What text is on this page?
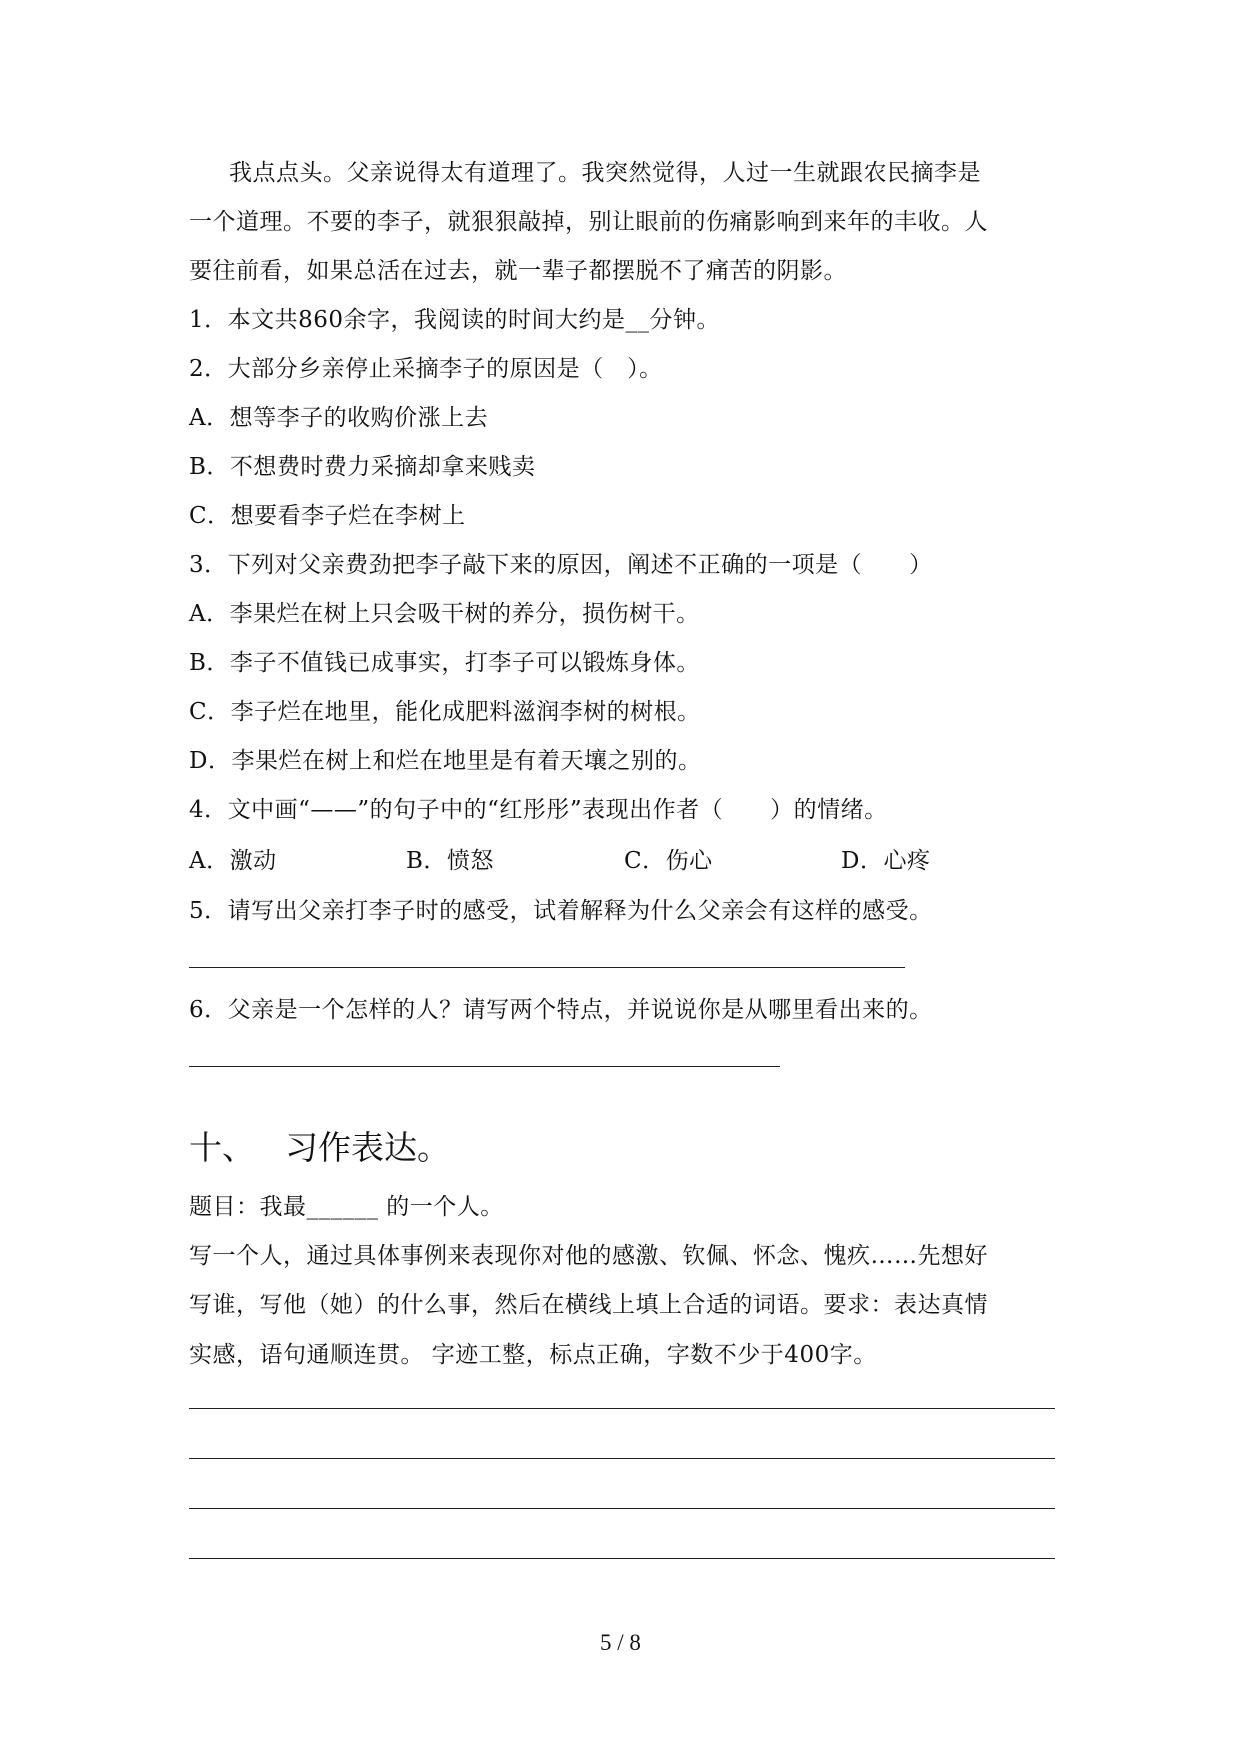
我点点头。父亲说得太有道理了。我突然觉得，人过一生就跟农民摘李是
一个道理。不要的李子，就狠狠敲掉，别让眼前的伤痛影响到来年的丰收。人
要往前看，如果总活在过去，就一辈子都摆脱不了痛苦的阴影。
1．本文共860余字，我阅读的时间大约是__分钟。
2．大部分乡亲停止采摘李子的原因是（　）。
A．想等李子的收购价涨上去
B．不想费时费力采摘却拿来贱卖
C．想要看李子烂在李树上
3．下列对父亲费劲把李子敲下来的原因，阐述不正确的一项是（　　）
A．李果烂在树上只会吸干树的养分，损伤树干。
B．李子不值钱已成事实，打李子可以锻炼身体。
C．李子烂在地里，能化成肥料滋润李树的树根。
D．李果烂在树上和烂在地里是有着天壤之别的。
4．文中画“——”的句子中的“红彤彤”表现出作者（　　）的情绪。
A．激动	B．愤怒	C．伤心	D．心疼
5．请写出父亲打李子时的感受，试着解释为什么父亲会有这样的感受。
6．父亲是一个怎样的人？请写两个特点，并说说你是从哪里看出来的。
十、 习作表达。
题目：我最______ 的一个人。
写一个人，通过具体事例来表现你对他的感激、钦佩、怀念、愧疚……先想好
写谁，写他（她）的什么事，然后在横线上填上合适的词语。要求：表达真情
实感，语句通顺连贯。 字迹工整，标点正确，字数不少于400字。
5 / 8
